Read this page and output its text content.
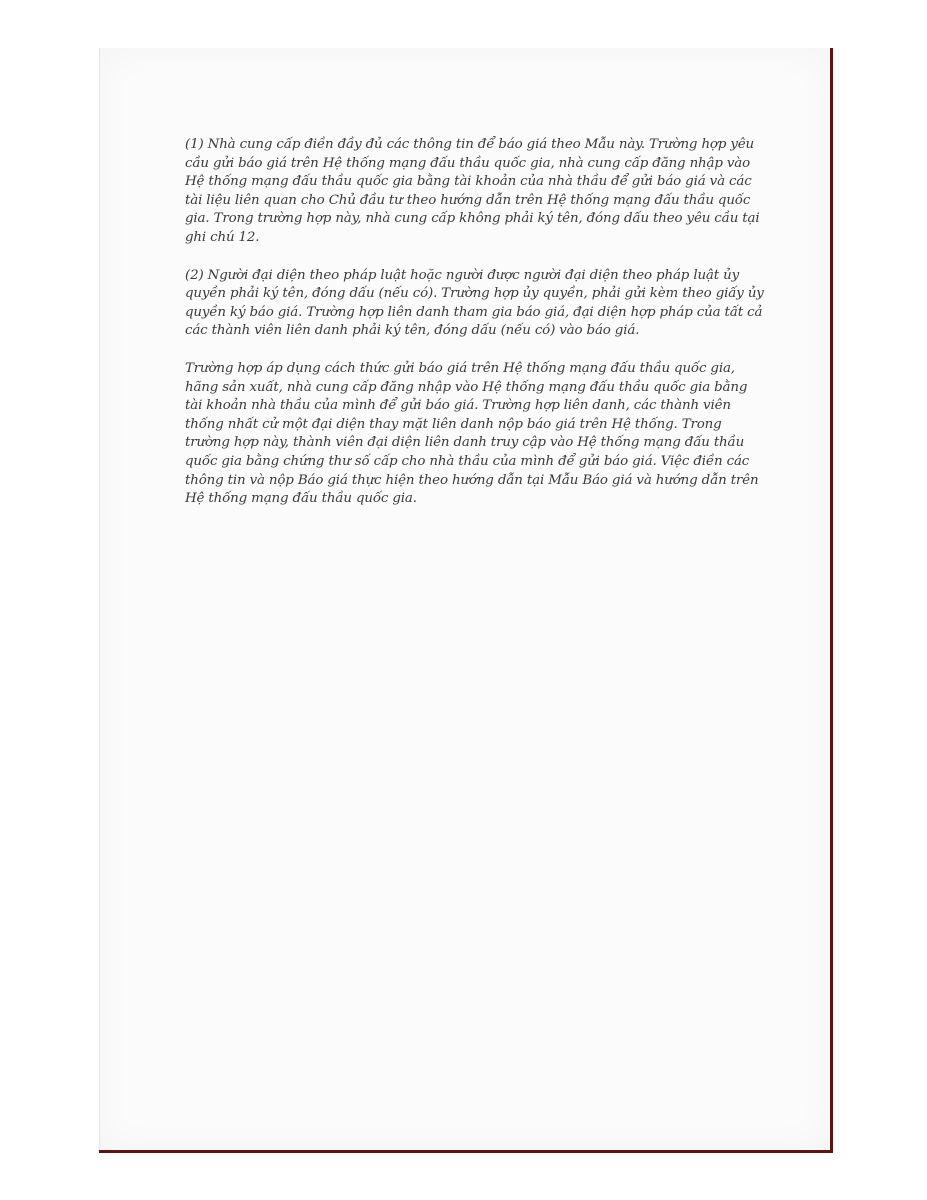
(1) Nhà cung cấp điền đầy đủ các thông tin để báo giá theo Mẫu này. Trường hợp yêu cầu gửi báo giá trên Hệ thống mạng đấu thầu quốc gia, nhà cung cấp đăng nhập vào Hệ thống mạng đấu thầu quốc gia bằng tài khoản của nhà thầu để gửi báo giá và các tài liệu liên quan cho Chủ đầu tư theo hướng dẫn trên Hệ thống mạng đấu thầu quốc gia. Trong trường hợp này, nhà cung cấp không phải ký tên, đóng dấu theo yêu cầu tại ghi chú 12.

(2) Người đại diện theo pháp luật hoặc người được người đại diện theo pháp luật ủy quyền phải ký tên, đóng dấu (nếu có). Trường hợp ủy quyền, phải gửi kèm theo giấy ủy quyền ký báo giá. Trường hợp liên danh tham gia báo giá, đại diện hợp pháp của tất cả các thành viên liên danh phải ký tên, đóng dấu (nếu có) vào báo giá.

Trường hợp áp dụng cách thức gửi báo giá trên Hệ thống mạng đấu thầu quốc gia, hãng sản xuất, nhà cung cấp đăng nhập vào Hệ thống mạng đấu thầu quốc gia bằng tài khoản nhà thầu của mình để gửi báo giá. Trường hợp liên danh, các thành viên thống nhất cử một đại diện thay mặt liên danh nộp báo giá trên Hệ thống. Trong trường hợp này, thành viên đại diện liên danh truy cập vào Hệ thống mạng đấu thầu quốc gia bằng chứng thư số cấp cho nhà thầu của mình để gửi báo giá. Việc điền các thông tin và nộp Báo giá thực hiện theo hướng dẫn tại Mẫu Báo giá và hướng dẫn trên Hệ thống mạng đấu thầu quốc gia.
